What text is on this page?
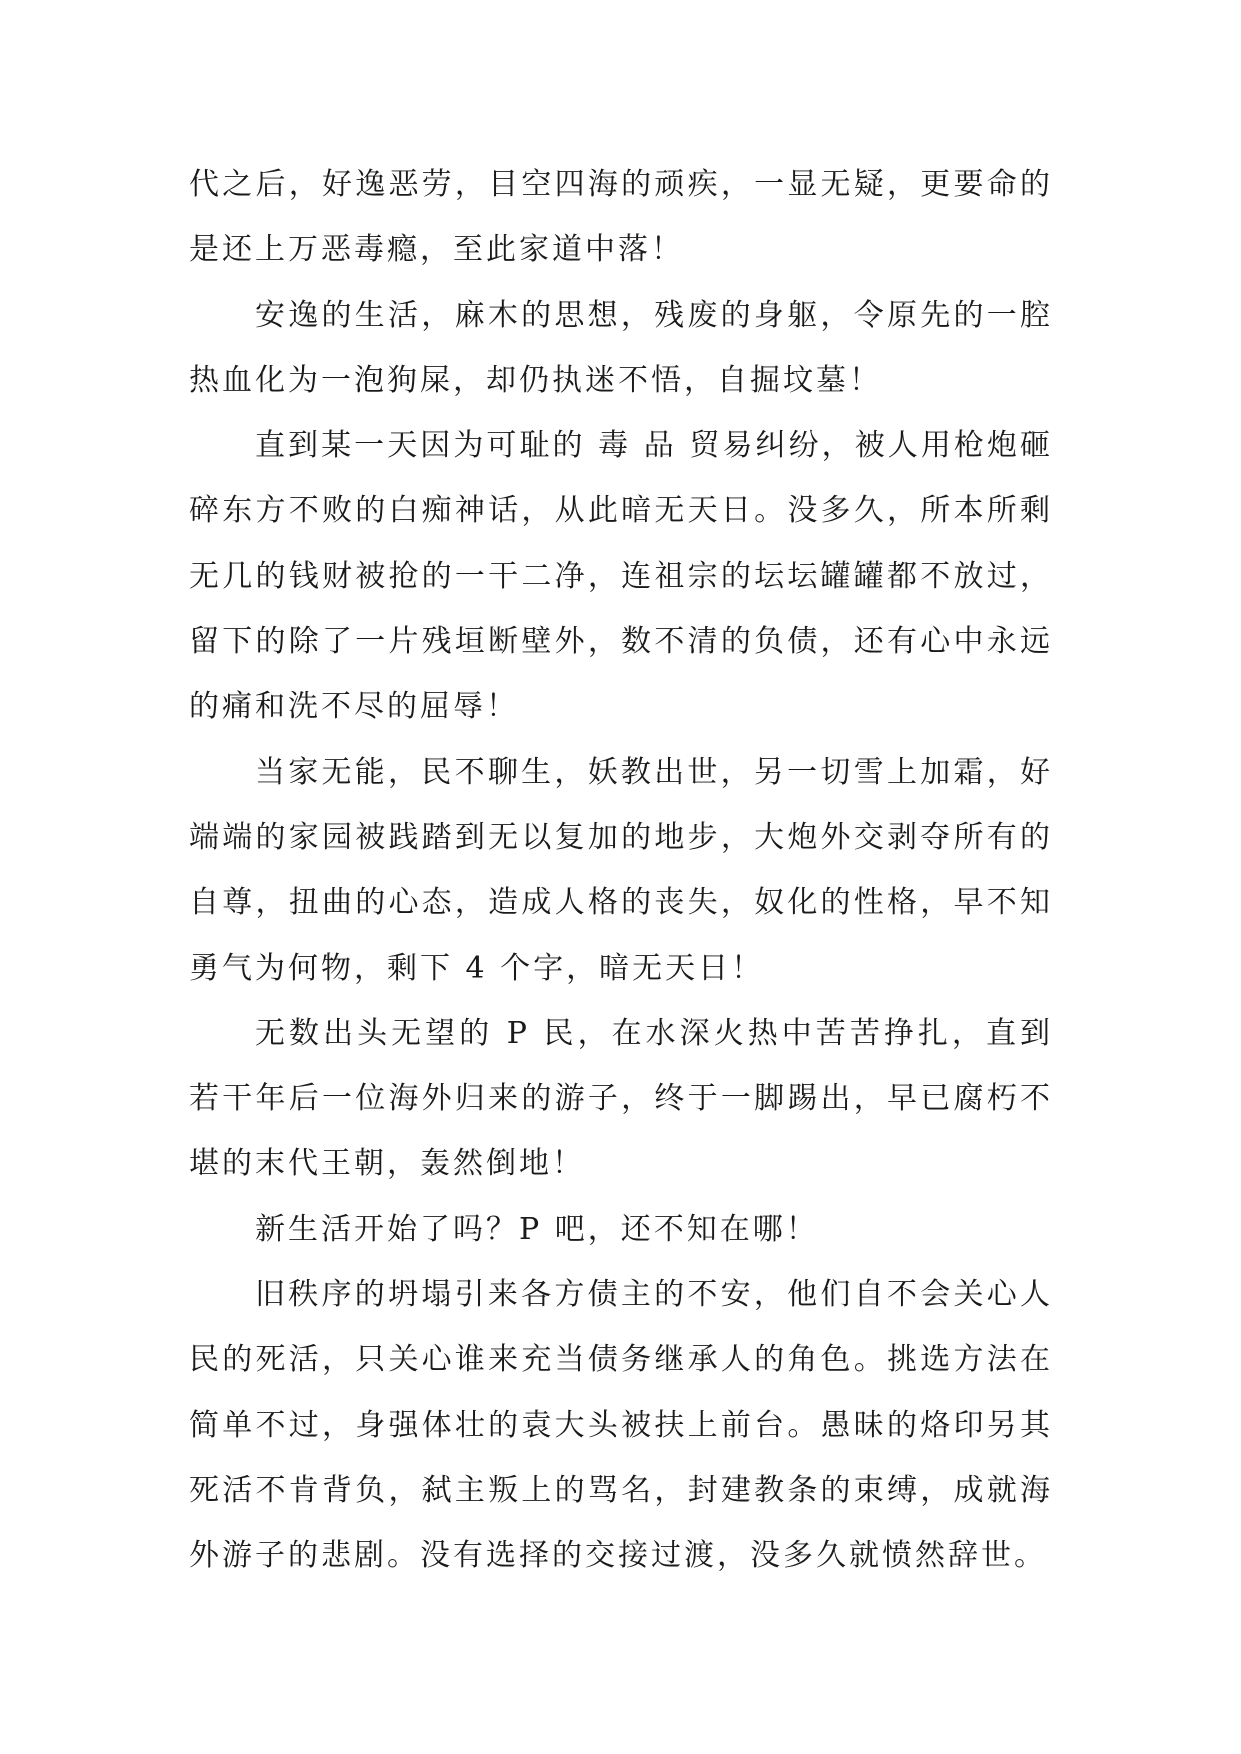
代之后，好逸恶劳，目空四海的顽疾，一显无疑，更要命的是还上万恶毒瘾，至此家道中落！

安逸的生活，麻木的思想，残废的身躯，令原先的一腔热血化为一泡狗屎，却仍执迷不悟，自掘坟墓！

直到某一天因为可耻的 毒 品 贸易纠纷，被人用枪炮砸碎东方不败的白痴神话，从此暗无天日。没多久，所本所剩无几的钱财被抢的一干二净，连祖宗的坛坛罐罐都不放过，留下的除了一片残垣断壁外，数不清的负债，还有心中永远的痛和洗不尽的屈辱！

当家无能，民不聊生，妖教出世，另一切雪上加霜，好端端的家园被践踏到无以复加的地步，大炮外交剥夺所有的自尊，扭曲的心态，造成人格的丧失，奴化的性格，早不知勇气为何物，剩下 4 个字，暗无天日！

无数出头无望的 P 民，在水深火热中苦苦挣扎，直到若干年后一位海外归来的游子，终于一脚踢出，早已腐朽不堪的末代王朝，轰然倒地！

新生活开始了吗？P 吧，还不知在哪！

旧秩序的坍塌引来各方债主的不安，他们自不会关心人民的死活，只关心谁来充当债务继承人的角色。挑选方法在简单不过，身强体壮的袁大头被扶上前台。愚昧的烙印另其死活不肯背负，弑主叛上的骂名，封建教条的束缚，成就海外游子的悲剧。没有选择的交接过渡，没多久就愤然辞世。
